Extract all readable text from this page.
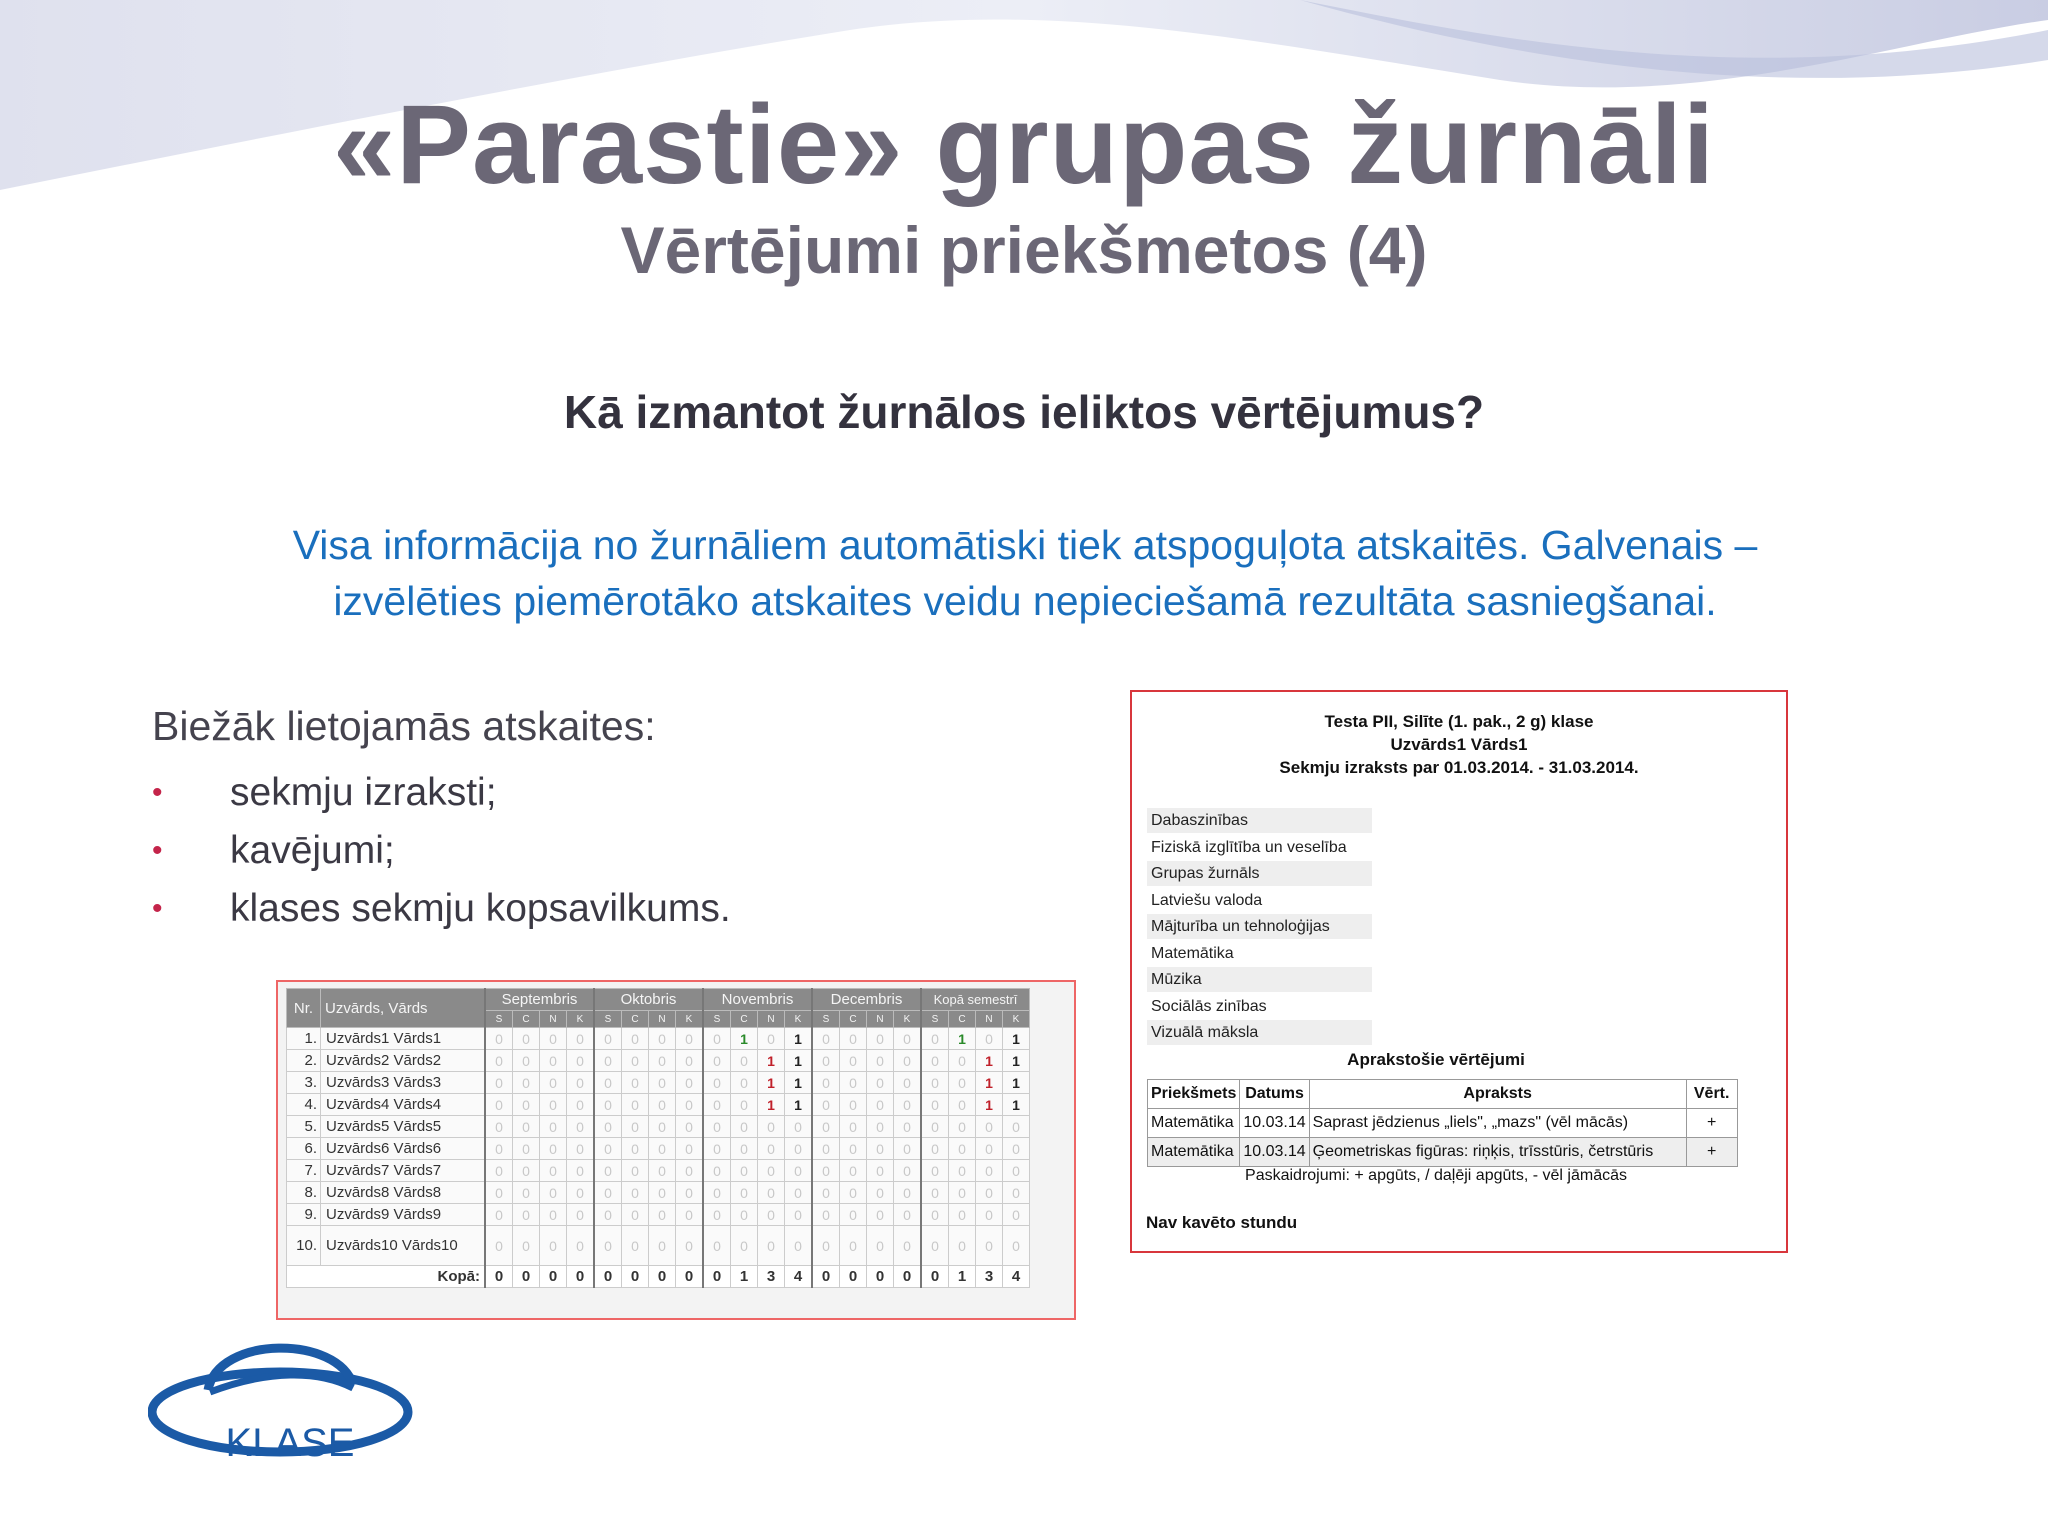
«Parastie» grupas žurnāli
Vērtējumi priekšmetos (4)
Kā izmantot žurnālos ieliktos vērtējumus?
Visa informācija no žurnāliem automātiski tiek atspoguļota atskaitēs. Galvenais –
izvēlēties piemērotāko atskaites veidu nepieciešamā rezultāta sasniegšanai.
Biežāk lietojamās atskaites:
• sekmju izraksti;
• kavējumi;
• klases sekmju kopsavilkums.
Testa PII, Silīte (1. pak., 2 g) klase
Uzvārds1 Vārds1
Sekmju izraksts par 01.03.2014. - 31.03.2014.
Dabaszinības
Fiziskā izglītība un veselība
Grupas žurnāls
Latviešu valoda
Mājturība un tehnoloģijas
Matemātika
Mūzika
Sociālās zinības
Vizuālā māksla
Aprakstošie vērtējumi
Priekšmets	Datums	Apraksts	Vērt.
Matemātika	10.03.14	Saprast jēdzienus „liels", „mazs" (vēl mācās)	+
Matemātika	10.03.14	Ģeometriskas figūras: riņķis, trīsstūris, četrstūris	+
Paskaidrojumi: + apgūts, / daļēji apgūts, - vēl jāmācās
Nav kavēto stundu
Nr.	Uzvārds, Vārds	Septembris				Oktobris				Novembris				Decembris				Kopā semestrī			
		S	C	N	K	S	C	N	K	S	C	N	K	S	C	N	K	S	C	N	K
1.	Uzvārds1 Vārds1	0	0	0	0	0	0	0	0	0	1	0	1	0	0	0	0	0	1	0	1
2.	Uzvārds2 Vārds2	0	0	0	0	0	0	0	0	0	0	1	1	0	0	0	0	0	0	1	1
3.	Uzvārds3 Vārds3	0	0	0	0	0	0	0	0	0	0	1	1	0	0	0	0	0	0	1	1
4.	Uzvārds4 Vārds4	0	0	0	0	0	0	0	0	0	0	1	1	0	0	0	0	0	0	1	1
5.	Uzvārds5 Vārds5	0	0	0	0	0	0	0	0	0	0	0	0	0	0	0	0	0	0	0	0
6.	Uzvārds6 Vārds6	0	0	0	0	0	0	0	0	0	0	0	0	0	0	0	0	0	0	0	0
7.	Uzvārds7 Vārds7	0	0	0	0	0	0	0	0	0	0	0	0	0	0	0	0	0	0	0	0
8.	Uzvārds8 Vārds8	0	0	0	0	0	0	0	0	0	0	0	0	0	0	0	0	0	0	0	0
9.	Uzvārds9 Vārds9	0	0	0	0	0	0	0	0	0	0	0	0	0	0	0	0	0	0	0	0
10.	Uzvārds10 Vārds10	0	0	0	0	0	0	0	0	0	0	0	0	0	0	0	0	0	0	0	0
Kopā:		0	0	0	0	0	0	0	0	0	1	3	4	0	0	0	0	0	1	3	4
KLASE
